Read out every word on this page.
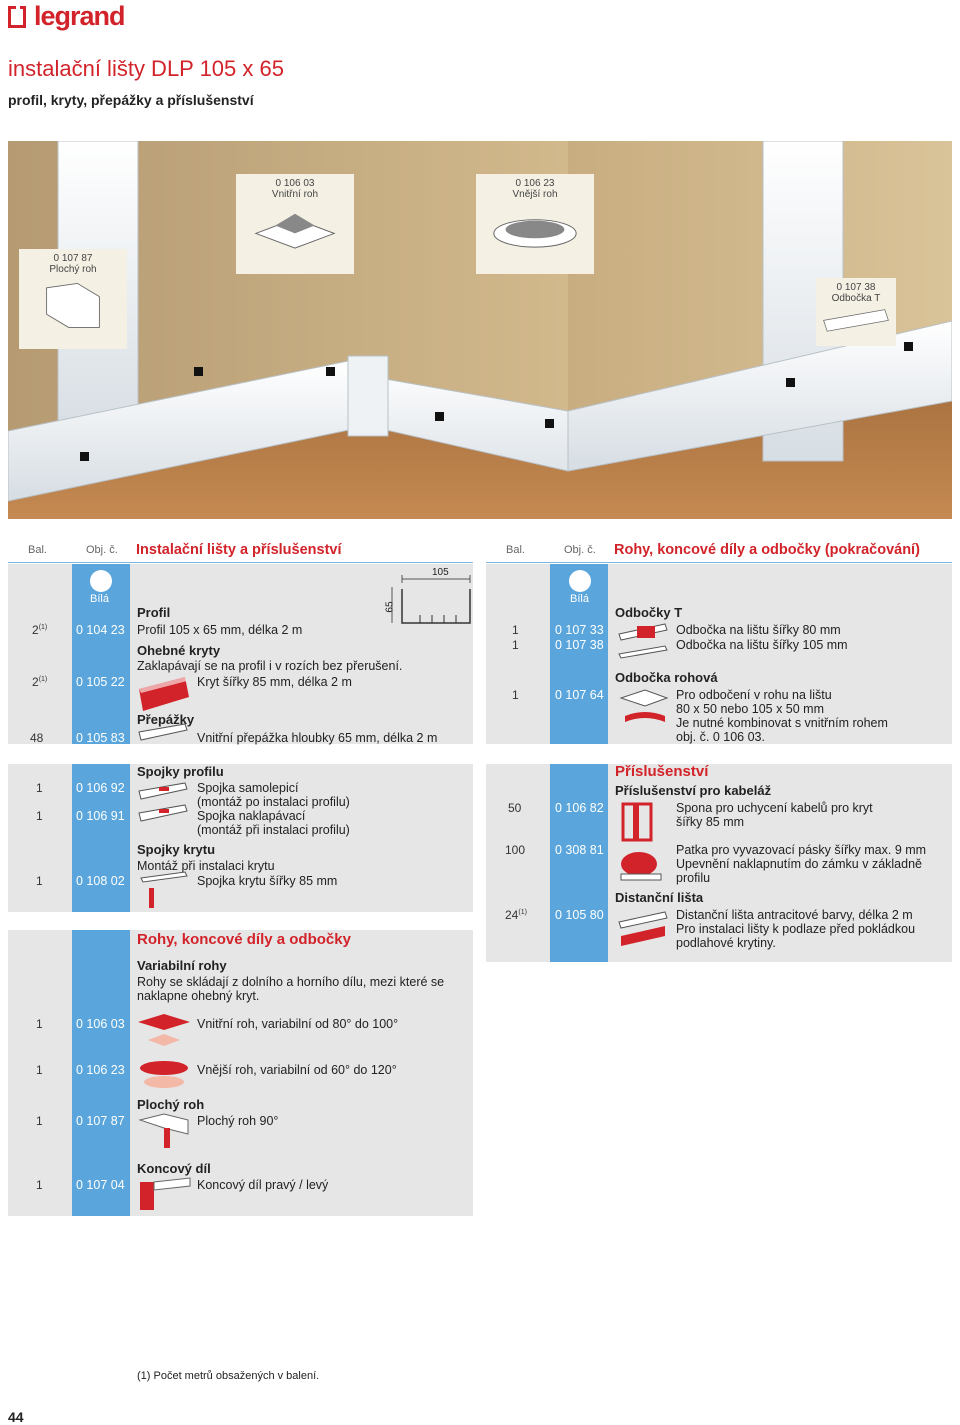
legrand
instalační lišty DLP 105 x 65
profil, kryty, přepážky a příslušenství
0 106 03
Vnitřní roh
0 106 23
Vnější roh
0 107 87
Plochý roh
0 107 38
Odbočka T
Bal.	Obj. č. Instalační lišty a příslušenství
Bílá
105
65
Profil
2$^{(1)}$ 0 104 23 Profil 105 x 65 mm, délka 2 m
Ohebné kryty
Zaklapávají se na profil i v rozích bez přerušení.
2$^{(1)}$ 0 105 22	Kryt šířky 85 mm, délka 2 m
Přepážky
48	0 105 83	Vnitřní přepážka hloubky 65 mm, délka 2 m
Spojky profilu
1	0 106 92	Spojka samolepicí
(montáž po instalaci profilu)
1	0 106 91	Spojka naklapávací
(montáž při instalaci profilu)
Spojky krytu
Montáž při instalaci krytu
1	0 108 02	Spojka krytu šířky 85 mm
Rohy, koncové díly a odbočky
Variabilní rohy
Rohy se skládají z dolního a horního dílu, mezi které se
naklapne ohebný kryt.
1	0 106 03	Vnitřní roh, variabilní od 80° do 100°
1	0 106 23	Vnější roh, variabilní od 60° do 120°
Plochý roh
1	0 107 87	Plochý roh 90°
Koncový díl
1	0 107 04	Koncový díl pravý / levý
Bal.	Obj. č. Rohy, koncové díly a odbočky (pokračování)
Bílá
Odbočky T
1	0 107 33	Odbočka na lištu šířky 80 mm
1	0 107 38	Odbočka na lištu šířky 105 mm
Odbočka rohová
1	0 107 64	Pro odbočení v rohu na lištu
80 x 50 nebo 105 x 50 mm
Je nutné kombinovat s vnitřním rohem
obj. č. 0 106 03.
Příslušenství
Příslušenství pro kabeláž
50	0 106 82	Spona pro uchycení kabelů pro kryt
šířky 85 mm
100 0 308 81	Patka pro vyvazovací pásky šířky max. 9 mm
Upevnění naklapnutím do zámku v základně
profilu
Distanční lišta
24$^{(1)}$ 0 105 80	Distanční lišta antracitové barvy, délka 2 m
Pro instalaci lišty k podlaze před pokládkou
podlahové krytiny.
(1) Počet metrů obsažených v balení.
44
